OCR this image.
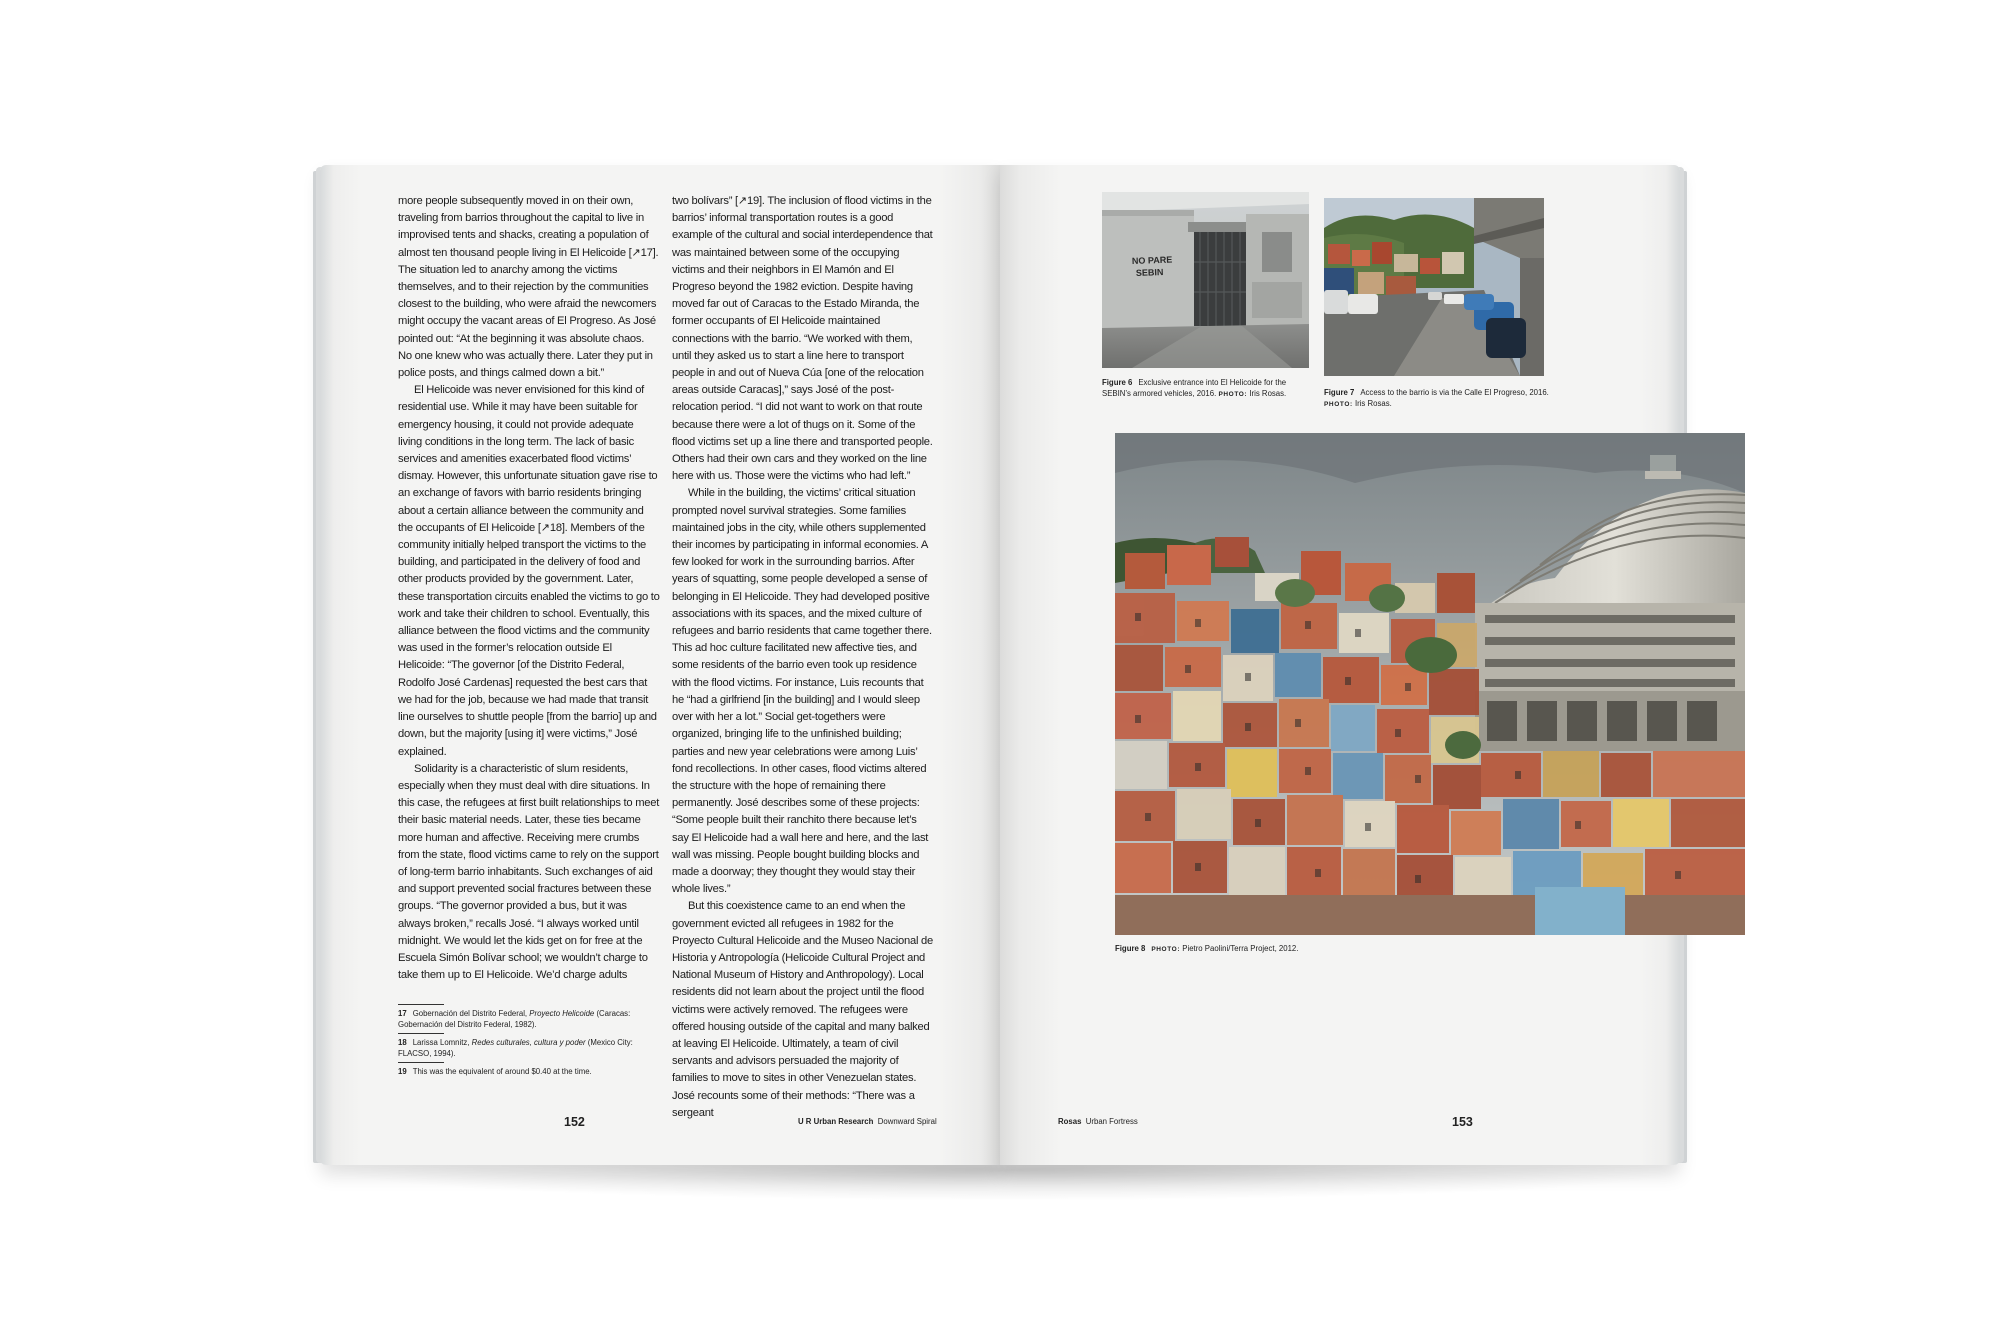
more people subsequently moved in on their own, traveling from barrios throughout the capital to live in improvised tents and shacks, creating a population of almost ten thousand people living in El Helicoide [↗17]. The situation led to anarchy among the victims themselves, and to their rejection by the communities closest to the building, who were afraid the newcomers might occupy the vacant areas of El Progreso. As José pointed out: “At the beginning it was absolute chaos. No one knew who was actually there. Later they put in police posts, and things calmed down a bit.”

El Helicoide was never envisioned for this kind of residential use. While it may have been suitable for emergency housing, it could not provide adequate living conditions in the long term. The lack of basic services and amenities exacerbated flood victims’ dismay. However, this unfortunate situation gave rise to an exchange of favors with barrio residents bringing about a certain alliance between the community and the occupants of El Helicoide [↗18]. Members of the community initially helped transport the victims to the building, and participated in the delivery of food and other products provided by the government. Later, these transportation circuits enabled the victims to go to work and take their children to school. Eventually, this alliance between the flood victims and the community was used in the former’s relocation outside El Helicoide: “The governor [of the Distrito Federal, Rodolfo José Cardenas] requested the best cars that we had for the job, because we had made that transit line ourselves to shuttle people [from the barrio] up and down, but the majority [using it] were victims,” José explained.

Solidarity is a characteristic of slum residents, especially when they must deal with dire situations. In this case, the refugees at first built relationships to meet their basic material needs. Later, these ties became more human and affective. Receiving mere crumbs from the state, flood victims came to rely on the support of long-term barrio inhabitants. Such exchanges of aid and support prevented social fractures between these groups. “The governor provided a bus, but it was always broken,” recalls José. “I always worked until midnight. We would let the kids get on for free at the Escuela Simón Bolívar school; we wouldn’t charge to take them up to El Helicoide. We’d charge adults

two bolívars” [↗19]. The inclusion of flood victims in the barrios’ informal transportation routes is a good example of the cultural and social interdependence that was maintained between some of the occupying victims and their neighbors in El Mamón and El Progreso beyond the 1982 eviction. Despite having moved far out of Caracas to the Estado Miranda, the former occupants of El Helicoide maintained connections with the barrio. “We worked with them, until they asked us to start a line here to transport people in and out of Nueva Cúa [one of the relocation areas outside Caracas],” says José of the post-relocation period. “I did not want to work on that route because there were a lot of thugs on it. Some of the flood victims set up a line there and transported people. Others had their own cars and they worked on the line here with us. Those were the victims who had left.”

While in the building, the victims’ critical situation prompted novel survival strategies. Some families maintained jobs in the city, while others supplemented their incomes by participating in informal economies. A few looked for work in the surrounding barrios. After years of squatting, some people developed a sense of belonging in El Helicoide. They had developed positive associations with its spaces, and the mixed culture of refugees and barrio residents that came together there. This ad hoc culture facilitated new affective ties, and some residents of the barrio even took up residence with the flood victims. For instance, Luis recounts that he “had a girlfriend [in the building] and I would sleep over with her a lot.” Social get-togethers were organized, bringing life to the unfinished building; parties and new year celebrations were among Luis’ fond recollections. In other cases, flood victims altered the structure with the hope of remaining there permanently. José describes some of these projects: “Some people built their ranchito there because let’s say El Helicoide had a wall here and here, and the last wall was missing. People bought building blocks and made a doorway; they thought they would stay their whole lives.”

But this coexistence came to an end when the government evicted all refugees in 1982 for the Proyecto Cultural Helicoide and the Museo Nacional de Historia y Antropología (Helicoide Cultural Project and National Museum of History and Anthropology). Local residents did not learn about the project until the flood victims were actively removed. The refugees were offered housing outside of the capital and many balked at leaving El Helicoide. Ultimately, a team of civil servants and advisors persuaded the majority of families to move to sites in other Venezuelan states. José recounts some of their methods: “There was a sergeant

17 Gobernación del Distrito Federal, Proyecto Helicoide (Caracas: Gobernación del Distrito Federal, 1982).
18 Larissa Lomnitz, Redes culturales, cultura y poder (Mexico City: FLACSO, 1994).
19 This was the equivalent of around $0.40 at the time.
152	U R Urban Research Downward Spiral
NO PARE
SEBIN
Figure 6 Exclusive entrance into El Helicoide for the SEBIN’s armored vehicles, 2016. PHOTO: Iris Rosas.	Figure 7 Access to the barrio is via the Calle El Progreso, 2016.
PHOTO: Iris Rosas.
Figure 8 PHOTO: Pietro Paolini/Terra Project, 2012.
Rosas Urban Fortress	153
